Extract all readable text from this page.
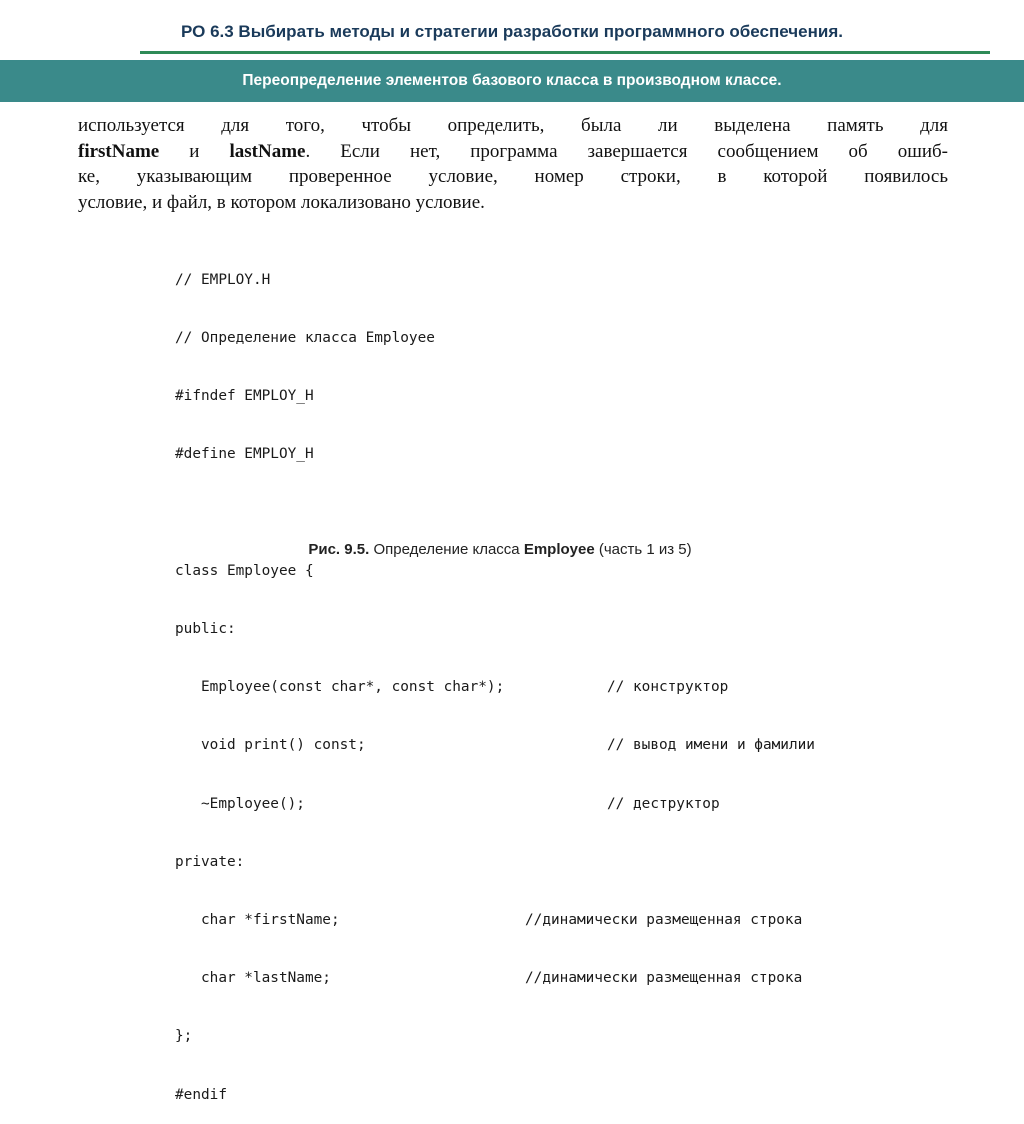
РО 6.3 Выбирать методы и стратегии разработки программного обеспечения.
Переопределение элементов базового класса в производном классе.
используется для того, чтобы определить, была ли выделена память для
firstName и lastName. Если нет, программа завершается сообщением об ошиб-
ке, указывающим проверенное условие, номер строки, в которой появилось
условие, и файл, в котором локализовано условие.

// EMPLOY.H

// Определение класса Employee

#ifndef EMPLOY_H

#define EMPLOY_H

class Employee {

public:

Employee(const char*, const char*);	// конструктор

void print() const;	// вывод имени и фамилии

~Employee();	// деструктор

private:

char *firstName;	//динамически размещенная строка

char *lastName;	//динамически размещенная строка

};

#endif

Рис. 9.5. Определение класса Employee (часть 1 из 5)
